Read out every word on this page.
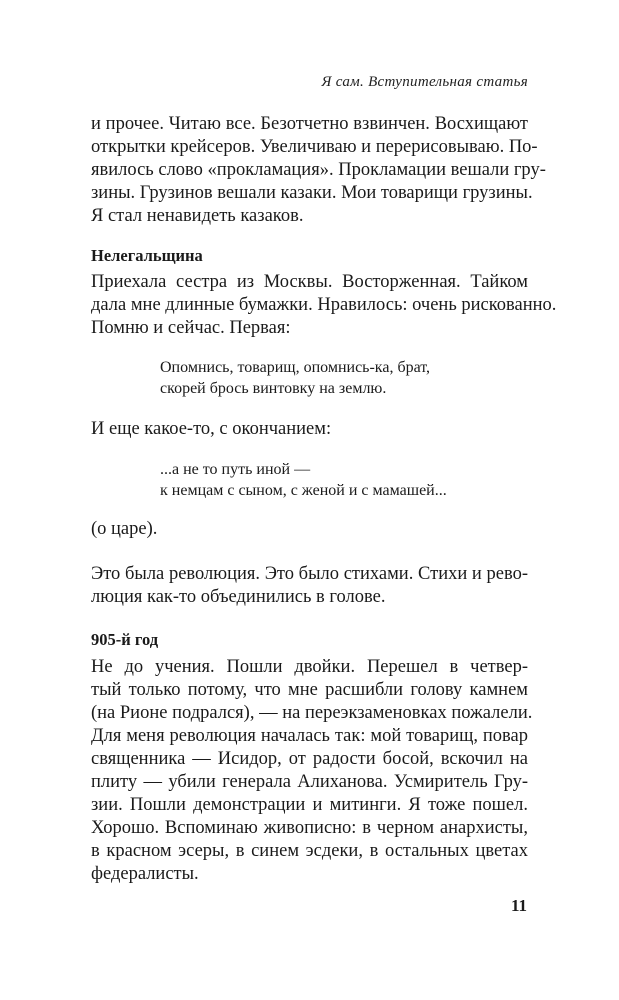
Я сам. Вступительная статья
и прочее. Читаю все. Безотчетно взвинчен. Восхищают
открытки крейсеров. Увеличиваю и перерисовываю. По-
явилось слово «прокламация». Прокламации вешали гру-
зины. Грузинов вешали казаки. Мои товарищи грузины.
Я стал ненавидеть казаков.
Нелегальщина
Приехала сестра из Москвы. Восторженная. Тайком
дала мне длинные бумажки. Нравилось: очень рискованно.
Помню и сейчас. Первая:
Опомнись, товарищ, опомнись-ка, брат,
скорей брось винтовку на землю.
И еще какое-то, с окончанием:
...а не то путь иной —
к немцам с сыном, с женой и с мамашей...
(о царе).
Это была революция. Это было стихами. Стихи и рево-
люция как-то объединились в голове.
905-й год
Не до учения. Пошли двойки. Перешел в четвер-
тый только потому, что мне расшибли голову камнем
(на Рионе подрался), — на переэкзаменовках пожалели.
Для меня революция началась так: мой товарищ, повар
священника — Исидор, от радости босой, вскочил на
плиту — убили генерала Алиханова. Усмиритель Гру-
зии. Пошли демонстрации и митинги. Я тоже пошел.
Хорошо. Вспоминаю живописно: в черном анархисты,
в красном эсеры, в синем эсдеки, в остальных цветах
федералисты.
11
